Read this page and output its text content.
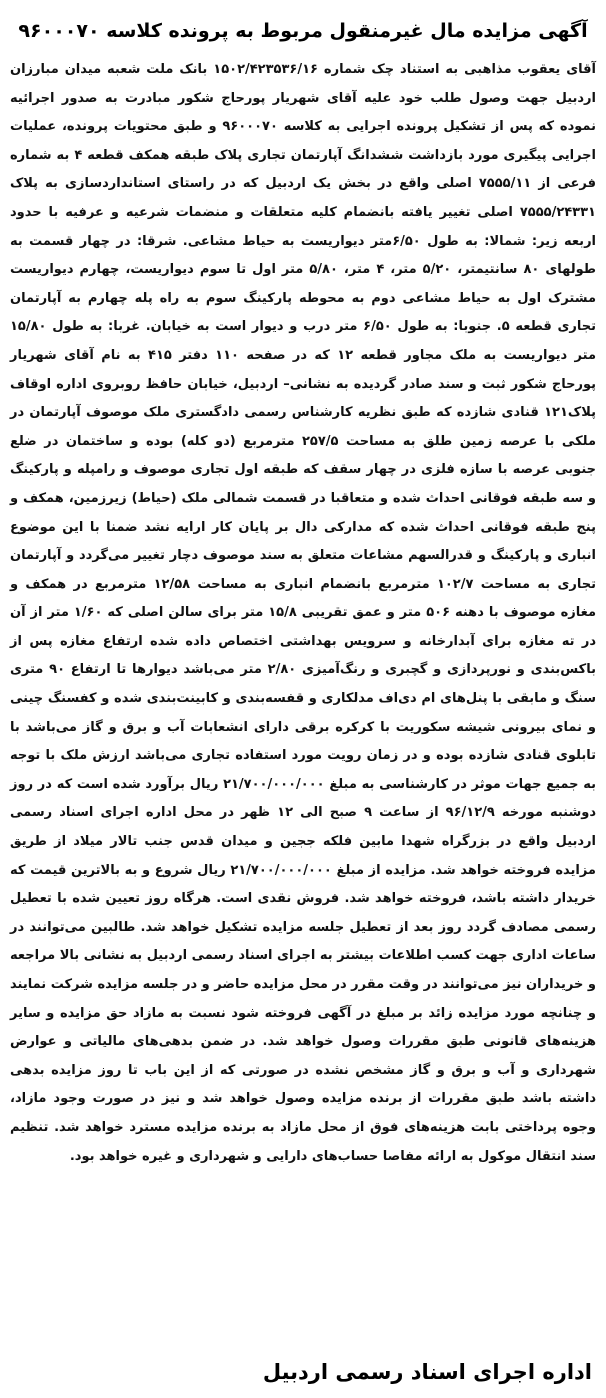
آگهی مزایده مال غیرمنقول مربوط به پرونده کلاسه ۹۶۰۰۰۷۰

آقای یعقوب مذاهبی به استناد چک شماره ۱۵۰۲/۴۲۳۵۳۶/۱۶ بانک ملت شعبه میدان مبارزان اردبیل جهت وصول طلب خود علیه آقای شهریار پورحاج شکور مبادرت به صدور اجرائیه نموده که پس از تشکیل پرونده اجرایی به کلاسه ۹۶۰۰۰۷۰ و طبق محتویات پرونده، عملیات اجرایی پیگیری مورد بازداشت ششدانگ آپارتمان تجاری پلاک طبقه همکف قطعه ۴ به شماره فرعی از ۷۵۵۵/۱۱ اصلی واقع در بخش یک اردبیل که در راستای استانداردسازی به پلاک ۷۵۵۵/۲۴۳۳۱ اصلی تغییر یافته بانضمام کلیه متعلقات و منضمات شرعیه و عرفیه با حدود اربعه زیر: شمالا: به طول ۶/۵۰متر دیواریست به حیاط مشاعی. شرقا: در چهار قسمت به طولهای ۸۰ سانتیمتر، ۵/۲۰ متر، ۴ متر، ۵/۸۰ متر اول تا سوم دیواریست، چهارم دیواریست مشترک اول به حیاط مشاعی دوم به محوطه پارکینگ سوم به راه پله چهارم به آپارتمان تجاری قطعه ۵. جنوبا: به طول ۶/۵۰ متر درب و دیوار است به خیابان. غربا: به طول ۱۵/۸۰ متر دیواریست به ملک مجاور قطعه ۱۲ که در صفحه ۱۱۰ دفتر ۴۱۵ به نام آقای شهریار پورحاج شکور ثبت و سند صادر گردیده به نشانی– اردبیل، خیابان حافظ روبروی اداره اوقاف پلاک۱۲۱ قنادی شازده که طبق نظریه کارشناس رسمی دادگستری ملک موصوف آپارتمان در ملکی با عرصه زمین طلق به مساحت ۲۵۷/۵ مترمربع (دو کله) بوده و ساختمان در ضلع جنوبی عرصه با سازه فلزی در چهار سقف که طبقه اول تجاری موصوف و رامپله و پارکینگ و سه طبقه فوقانی احداث شده و متعاقبا در قسمت شمالی ملک (حیاط) زیرزمین، همکف و پنج طبقه فوقانی احداث شده که مدارکی دال بر پایان کار ارایه نشد ضمنا با این موضوع انباری و پارکینگ و قدرالسهم مشاعات متعلق به سند موصوف دچار تغییر می‌گردد و آپارتمان تجاری به مساحت ۱۰۲/۷ مترمربع بانضمام انباری به مساحت ۱۲/۵۸ مترمربع در همکف و مغازه موصوف با دهنه ۵۰۶ متر و عمق تقریبی ۱۵/۸ متر برای سالن اصلی که ۱/۶۰ متر از آن در ته مغازه برای آبدارخانه و سرویس بهداشتی اختصاص داده شده ارتفاع مغازه پس از باکس‌بندی و نورپردازی و گچبری و رنگ‌آمیزی ۲/۸۰ متر می‌باشد دیوارها تا ارتفاع ۹۰ متری سنگ و مابقی با پنل‌های ام دی‌اف مدلکاری و قفسه‌بندی و کابینت‌بندی شده و کفسنگ چینی و نمای بیرونی شیشه سکوریت با کرکره برقی دارای انشعابات آب و برق و گاز می‌باشد با تابلوی قنادی شازده بوده و در زمان رویت مورد استفاده تجاری می‌باشد ارزش ملک با توجه به جمیع جهات موثر در کارشناسی به مبلغ ۲۱/۷۰۰/۰۰۰/۰۰۰ ریال برآورد شده است که در روز دوشنبه مورخه ۹۶/۱۲/۹ از ساعت ۹ صبح الی ۱۲ ظهر در محل اداره اجرای اسناد رسمی اردبیل واقع در بزرگراه شهدا مابین فلکه ججین و میدان قدس جنب تالار میلاد از طریق مزایده فروخته خواهد شد. مزایده از مبلغ ۲۱/۷۰۰/۰۰۰/۰۰۰ ریال شروع و به بالاترین قیمت که خریدار داشته باشد، فروخته خواهد شد. فروش نقدی است. هرگاه روز تعیین شده با تعطیل رسمی مصادف گردد روز بعد از تعطیل جلسه مزایده تشکیل خواهد شد. طالبین می‌توانند در ساعات اداری جهت کسب اطلاعات بیشتر به اجرای اسناد رسمی اردبیل به نشانی بالا مراجعه و خریداران نیز می‌توانند در وقت مقرر در محل مزایده حاضر و در جلسه مزایده شرکت نمایند و چنانچه مورد مزایده زائد بر مبلغ در آگهی فروخته شود نسبت به مازاد حق مزایده و سایر هزینه‌های قانونی طبق مقررات وصول خواهد شد. در ضمن بدهی‌های مالیاتی و عوارض شهرداری و آب و برق و گاز مشخص نشده در صورتی که از این باب تا روز مزایده بدهی داشته باشد طبق مقررات از برنده مزایده وصول خواهد شد و نیز در صورت وجود مازاد، وجوه پرداختی بابت هزینه‌های فوق از محل مازاد به برنده مزایده مسترد خواهد شد. تنظیم سند انتقال موکول به ارائه مفاصا حساب‌های دارایی و شهرداری و غیره خواهد بود.

اداره اجرای اسناد رسمی اردبیل
